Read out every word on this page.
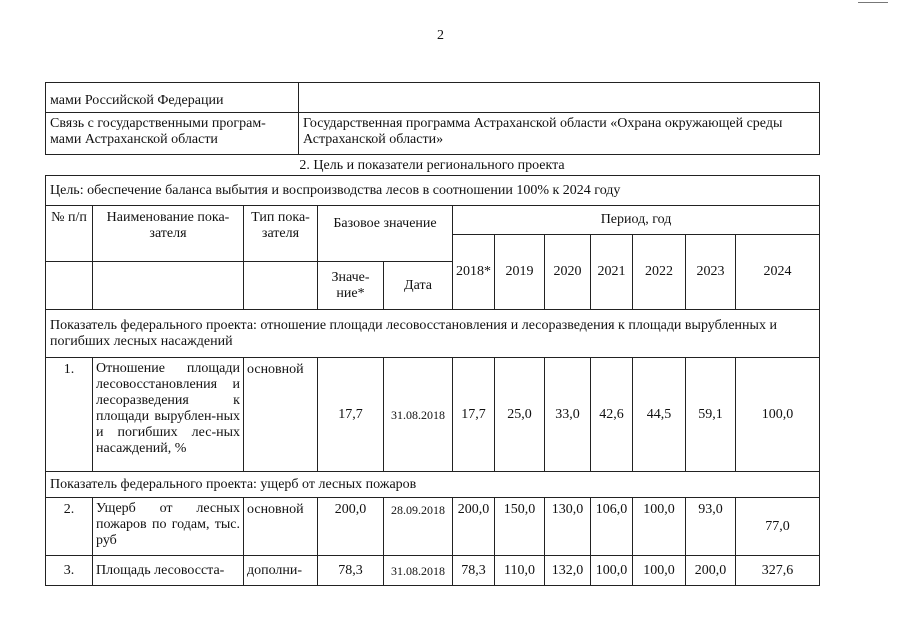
2
мами Российской Федерации	
Связь с государственными програм-мами Астраханской области	Государственная программа Астраханской области «Охрана окружающей среды Астраханской области»
2. Цель и показатели регионального проекта
Цель: обеспечение баланса выбытия и воспроизводства лесов в соотношении 100% к 2024 году											
№ п/п	Наименование пока-зателя	Тип пока-зателя	Базовое значение		Период, год						
					2018*	2019	2020	2021	2022	2023	2024
			Значе-ние*	Дата							
Показатель федерального проекта: отношение площади лесовосстановления и лесоразведения к площади вырубленных и погибших лесных насаждений											
1.	Отношение площади лесовосстановления и лесоразведения к площади вырублен-ных и погибших лес-ных насаждений, %	основной	17,7	31.08.2018	17,7	25,0	33,0	42,6	44,5	59,1	100,0
Показатель федерального проекта: ущерб от лесных пожаров											
2.	Ущерб от лесных пожаров по годам, тыс. руб	основной	200,0	28.09.2018	200,0	150,0	130,0	106,0	100,0	93,0	77,0
3.	Площадь лесовосста-	дополни-	78,3	31.08.2018	78,3	110,0	132,0	100,0	100,0	200,0	327,6
